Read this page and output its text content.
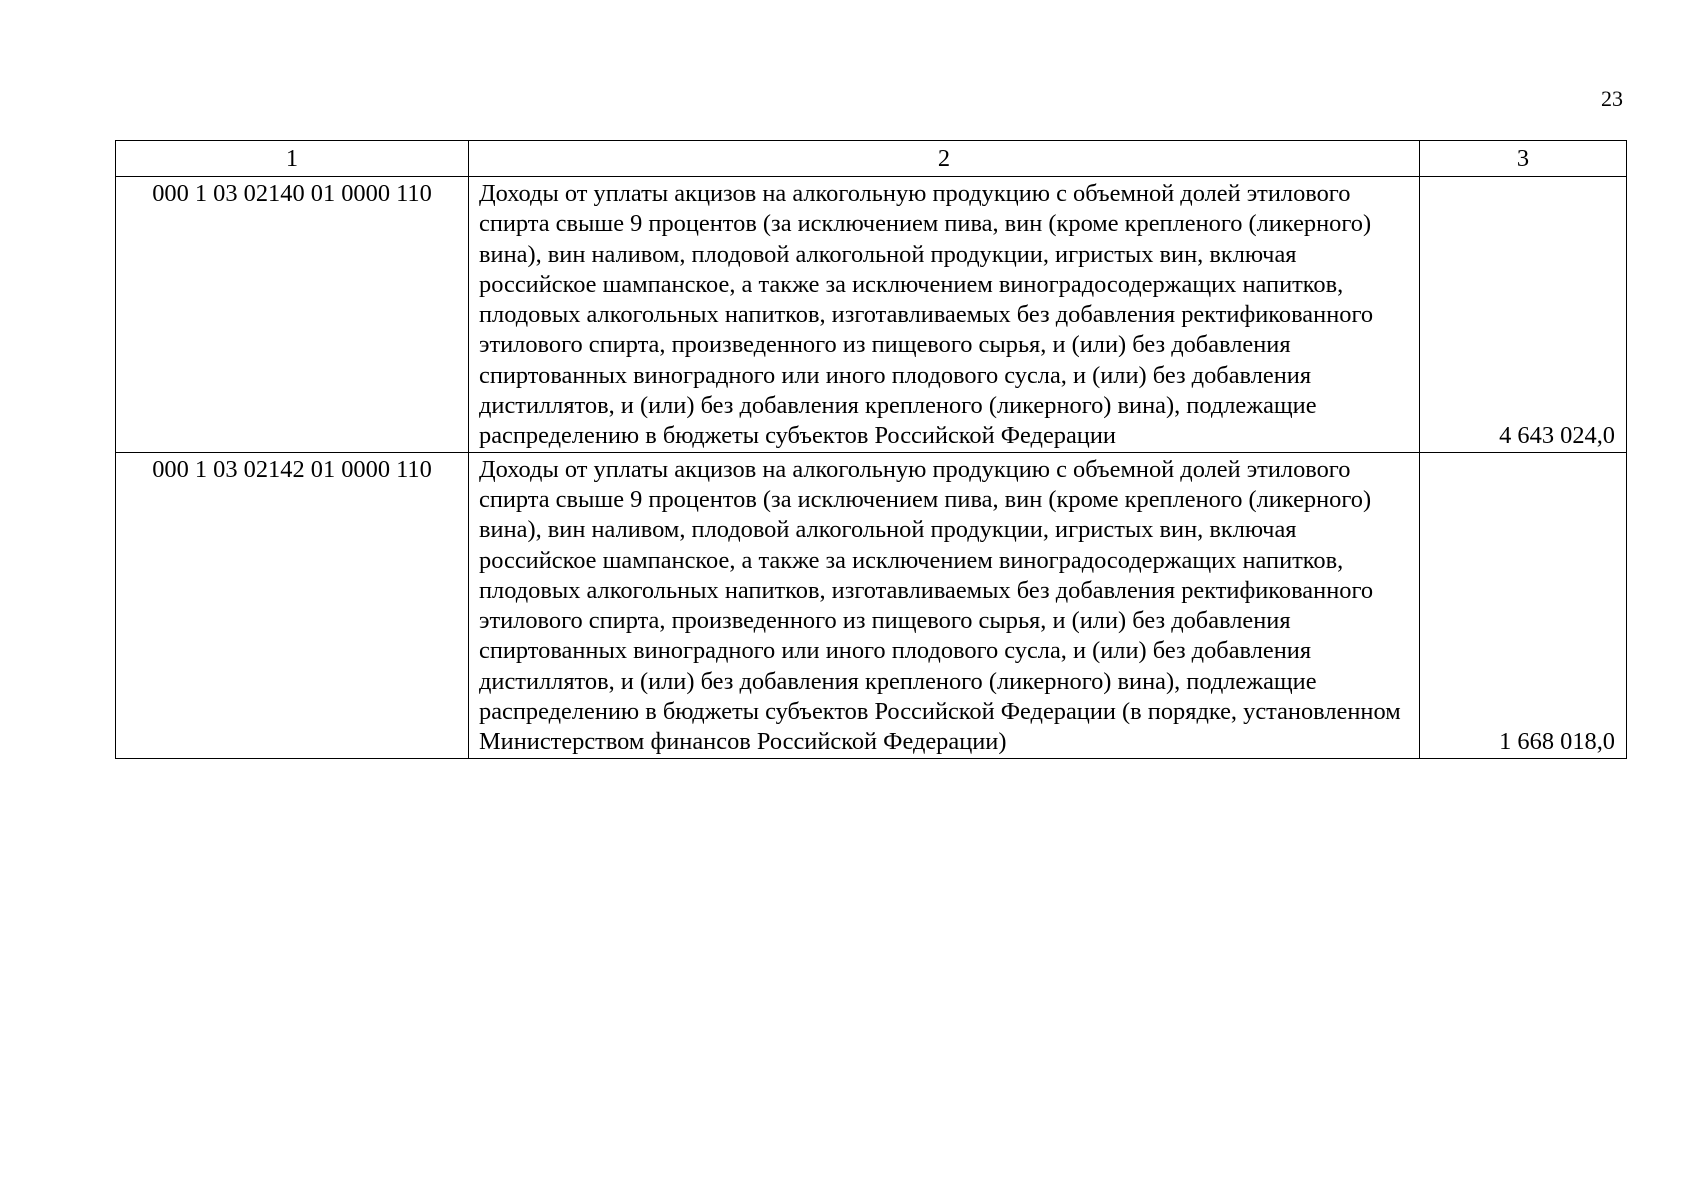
23
1	2	3
000 1 03 02140 01 0000 110	Доходы от уплаты акцизов на алкогольную продукцию с объемной долей этилового спирта свыше 9 процентов (за исключением пива, вин (кроме крепленого (ликерного) вина), вин наливом, плодовой алкогольной продукции, игристых вин, включая российское шампанское, а также за исключением виноградосодержащих напитков, плодовых алкогольных напитков, изготавливаемых без добавления ректификованного этилового спирта, произведенного из пищевого сырья, и (или) без добавления спиртованных виноградного или иного плодового сусла, и (или) без добавления дистиллятов, и (или) без добавления крепленого (ликерного) вина), подлежащие распределению в бюджеты субъектов Российской Федерации	4 643 024,0
000 1 03 02142 01 0000 110	Доходы от уплаты акцизов на алкогольную продукцию с объемной долей этилового спирта свыше 9 процентов (за исключением пива, вин (кроме крепленого (ликерного) вина), вин наливом, плодовой алкогольной продукции, игристых вин, включая российское шампанское, а также за исключением виноградосодержащих напитков, плодовых алкогольных напитков, изготавливаемых без добавления ректификованного этилового спирта, произведенного из пищевого сырья, и (или) без добавления спиртованных виноградного или иного плодового сусла, и (или) без добавления дистиллятов, и (или) без добавления крепленого (ликерного) вина), подлежащие распределению в бюджеты субъектов Российской Федерации (в порядке, установленном Министерством финансов Российской Федерации)	1 668 018,0
